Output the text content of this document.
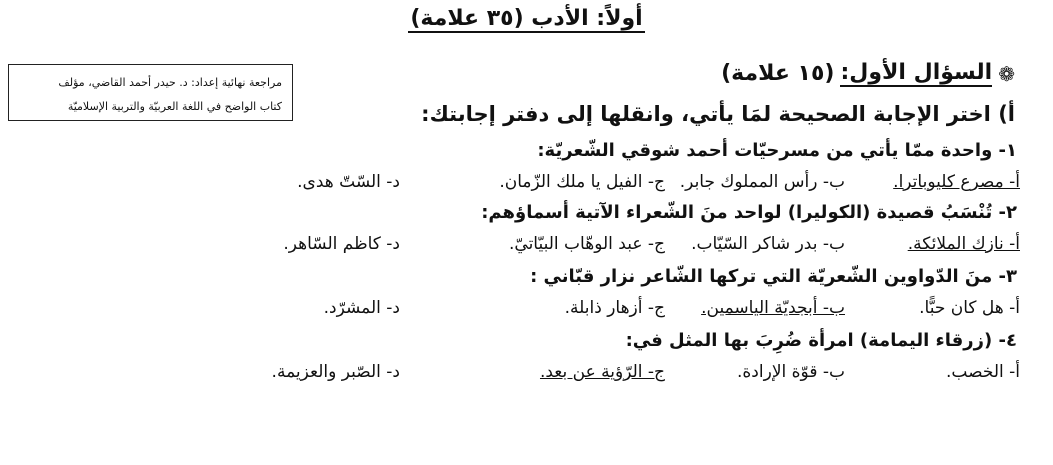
أولاً: الأدب (٣٥ علامة)
مراجعة نهائية إعداد: د. حيدر أحمد القاضي، مؤلف
كتاب الواضح في اللغة العربيّة والتربية الإسلاميّة
❁
السؤال الأول:
(١٥ علامة)
أ) اختر الإجابة الصحيحة لمَا يأتي، وانقلها إلى دفتر إجابتك:
١- واحدة ممّا يأتي من مسرحيّات أحمد شوقي الشّعريّة:
أ- مصرع كليوباترا.
ب- رأس المملوك جابر.
ج- الفيل يا ملك الزّمان.
د- السّتّ هدى.
٢- تُنْسَبُ قصيدة (الكوليرا) لواحد منَ الشّعراء الآتية أسماؤهم:
أ- نازك الملائكة.
ب- بدر شاكر السّيّاب.
ج- عبد الوهّاب البيّاتيّ.
د- كاظم السّاهر.
٣- منَ الدّواوين الشّعريّة التي تركها الشّاعر نزار قبّاني :
أ- هل كان حبًّا.
ب- أبجديّة الياسمين.
ج- أزهار ذابلة.
د- المشرّد.
٤- (زرقاء اليمامة) امرأة ضُرِبَ بها المثل في:
أ- الخصب.
ب- قوّة الإرادة.
ج- الرّؤية عن بعد.
د- الصّبر والعزيمة.
